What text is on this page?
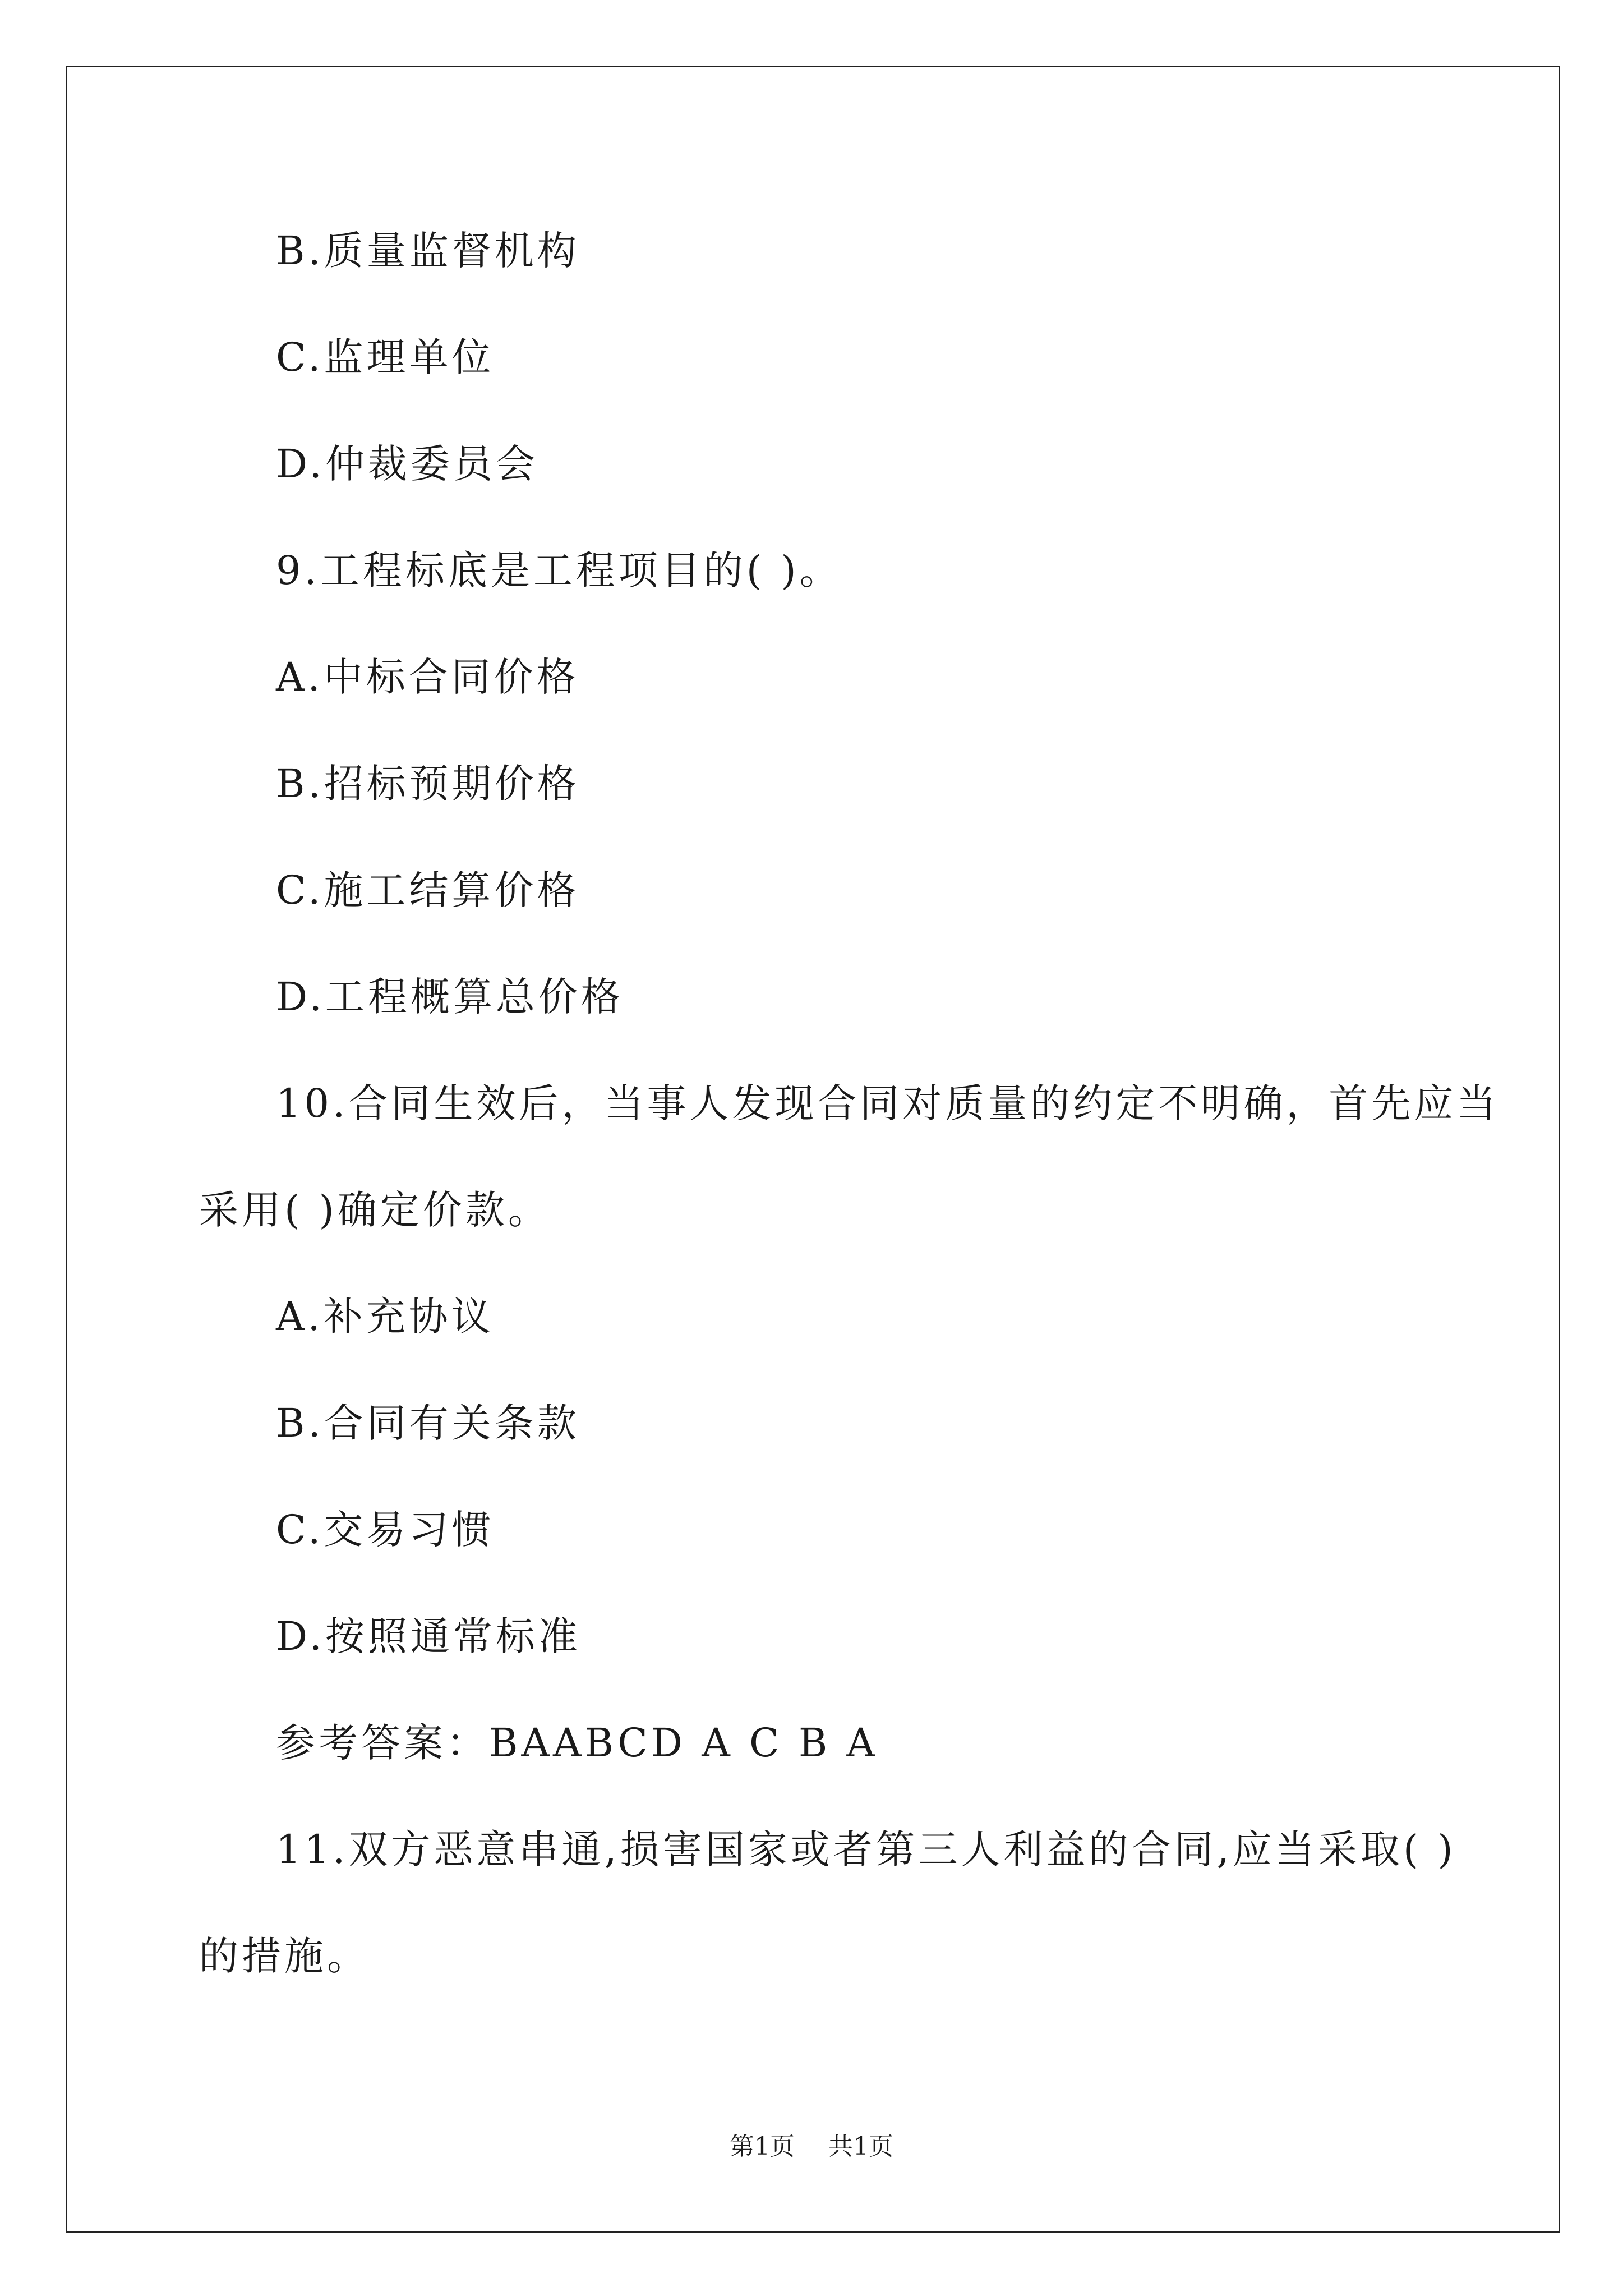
B.质量监督机构
C.监理单位
D.仲裁委员会
9.工程标底是工程项目的( )。
A.中标合同价格
B.招标预期价格
C.施工结算价格
D.工程概算总价格
10.合同生效后，当事人发现合同对质量的约定不明确，首先应当
采用( )确定价款。
A.补充协议
B.合同有关条款
C.交易习惯
D.按照通常标准
参考答案：BAABCD A C B A
11.双方恶意串通,损害国家或者第三人利益的合同,应当采取( )
的措施。
第1页 共1页
